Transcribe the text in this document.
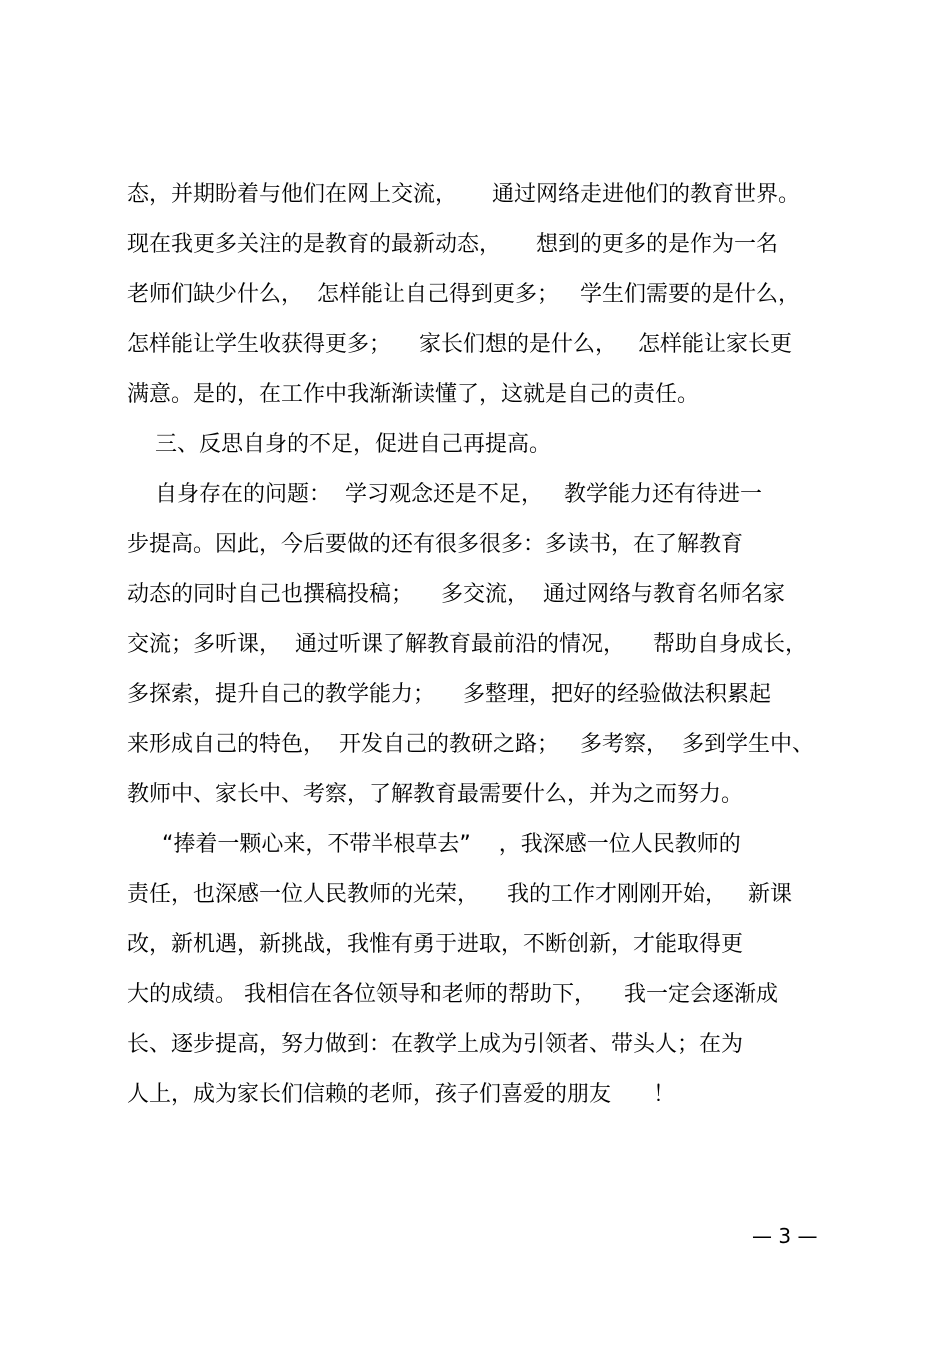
态，并期盼着与他们在网上交流，     通过网络走进他们的教育世界。
现在我更多关注的是教育的最新动态，     想到的更多的是作为一名
老师们缺少什么，  怎样能让自己得到更多；   学生们需要的是什么，
怎样能让学生收获得更多；    家长们想的是什么，   怎样能让家长更
满意。是的，在工作中我渐渐读懂了，这就是自己的责任。
三、反思自身的不足，促进自己再提高。
自身存在的问题：  学习观念还是不足，   教学能力还有待进一
步提高。因此，今后要做的还有很多很多：多读书，在了解教育
动态的同时自己也撰稿投稿；    多交流，  通过网络与教育名师名家
交流；多听课，  通过听课了解教育最前沿的情况，    帮助自身成长，
多探索，提升自己的教学能力；    多整理，把好的经验做法积累起
来形成自己的特色，  开发自己的教研之路；   多考察，  多到学生中、
教师中、家长中、考察，了解教育最需要什么，并为之而努力。
“捧着一颗心来，不带半根草去”    ，我深感一位人民教师的
责任，也深感一位人民教师的光荣，    我的工作才刚刚开始，   新课
改，新机遇，新挑战，我惟有勇于进取，不断创新，才能取得更
大的成绩。 我相信在各位领导和老师的帮助下，    我一定会逐渐成
长、逐步提高，努力做到：在教学上成为引领者、带头人；在为
人上，成为家长们信赖的老师，孩子们喜爱的朋友      ！
— 3 —
